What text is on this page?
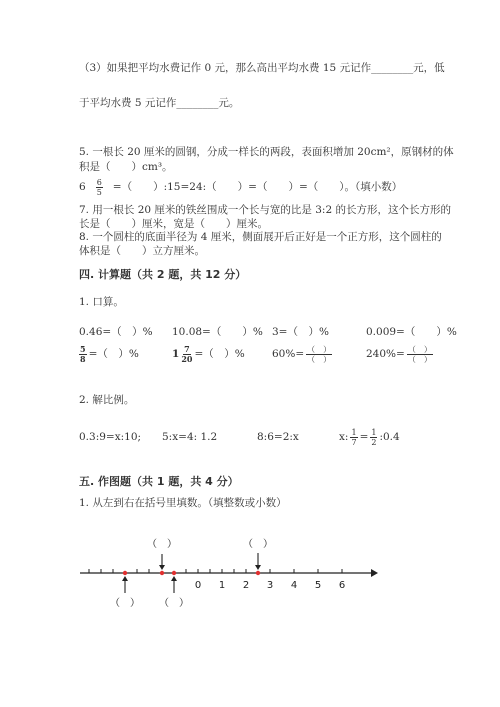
（3）如果把平均水费记作 0 元，那么高出平均水费 15 元记作________元，低
于平均水费 5 元记作________元。
5. 一根长 20 厘米的圆钢，分成一样长的两段，表面积增加 20cm²，原钢材的体
积是（　　）cm³。
$6 \frac{6}{5}$ =（　　）:15=24:（　　）=（　　）=（　　）。（填小数）
7. 用一根长 20 厘米的铁丝围成一个长与宽的比是 3:2 的长方形，这个长方形的
长是（　　）厘米，宽是（　　）厘米。
8. 一个圆柱的底面半径为 4 厘米，侧面展开后正好是一个正方形，这个圆柱的
体积是（　　）立方厘米。
四. 计算题（共 2 题，共 12 分）
1. 口算。
0.46=（　）% 10.08=（　　）% 3=（　）%	0.009=（　　）%
$\frac{5}{8}$ =（　）%	$1 \frac{7}{20}$ =（　）%	$60\%= \frac{( )}{( )}$	$240\%= \frac{( )}{( )}$
2. 解比例。
0.3:9=x:10; 5:x=4: 1.2	8:6=2:x	x: $\frac{1}{7} = \frac{1}{2}$ :0.4
五. 作图题（共 1 题，共 4 分）
1. 从左到右在括号里填数。（填整数或小数）
0 1 2 3 4 5 6
（　）	（　）
（　） （　）
